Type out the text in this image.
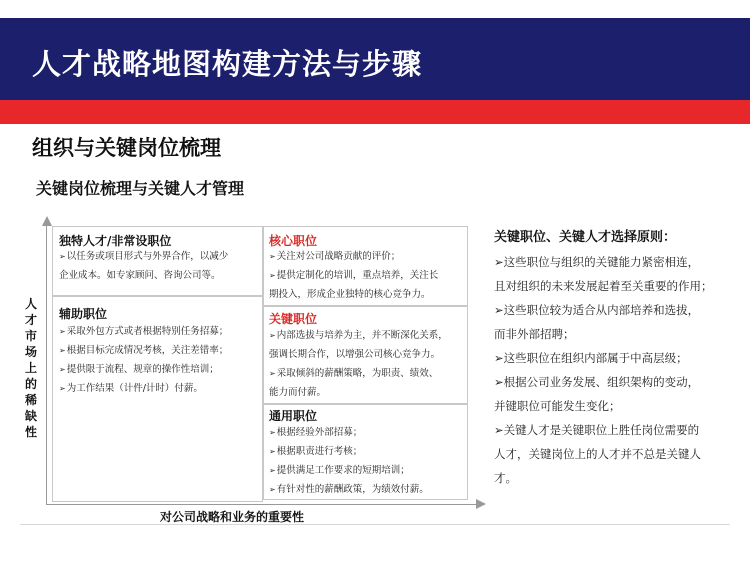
人才战略地图构建方法与步骤
组织与关键岗位梳理
关键岗位梳理与关键人才管理
人才市场上的稀缺性
对公司战略和业务的重要性
独特人才/非常设职位
➢以任务或项目形式与外界合作，以减少
企业成本。如专家顾问、咨询公司等。
辅助职位
➢采取外包方式或者根据特别任务招募；
➢根据目标完成情况考核，关注差错率；
➢提供限于流程、规章的操作性培训；
➢为工作结果（计件/计时）付薪。
核心职位
➢关注对公司战略贡献的评价；
➢提供定制化的培训，重点培养，关注长
期投入，形成企业独特的核心竞争力。
关键职位
➢内部选拔与培养为主，并不断深化关系，
强调长期合作，以增强公司核心竞争力。
➢采取倾斜的薪酬策略，为职责、绩效、
能力而付薪。
通用职位
➢根据经验外部招募；
➢根据职责进行考核；
➢提供满足工作要求的短期培训；
➢有针对性的薪酬政策，为绩效付薪。
关键职位、关键人才选择原则：
➢这些职位与组织的关键能力紧密相连，
且对组织的未来发展起着至关重要的作用；
➢这些职位较为适合从内部培养和选拔，
而非外部招聘；
➢这些职位在组织内部属于中高层级；
➢根据公司业务发展、组织架构的变动，
并键职位可能发生变化；
➢关键人才是关键职位上胜任岗位需要的
人才，关键岗位上的人才并不总是关键人
才。
